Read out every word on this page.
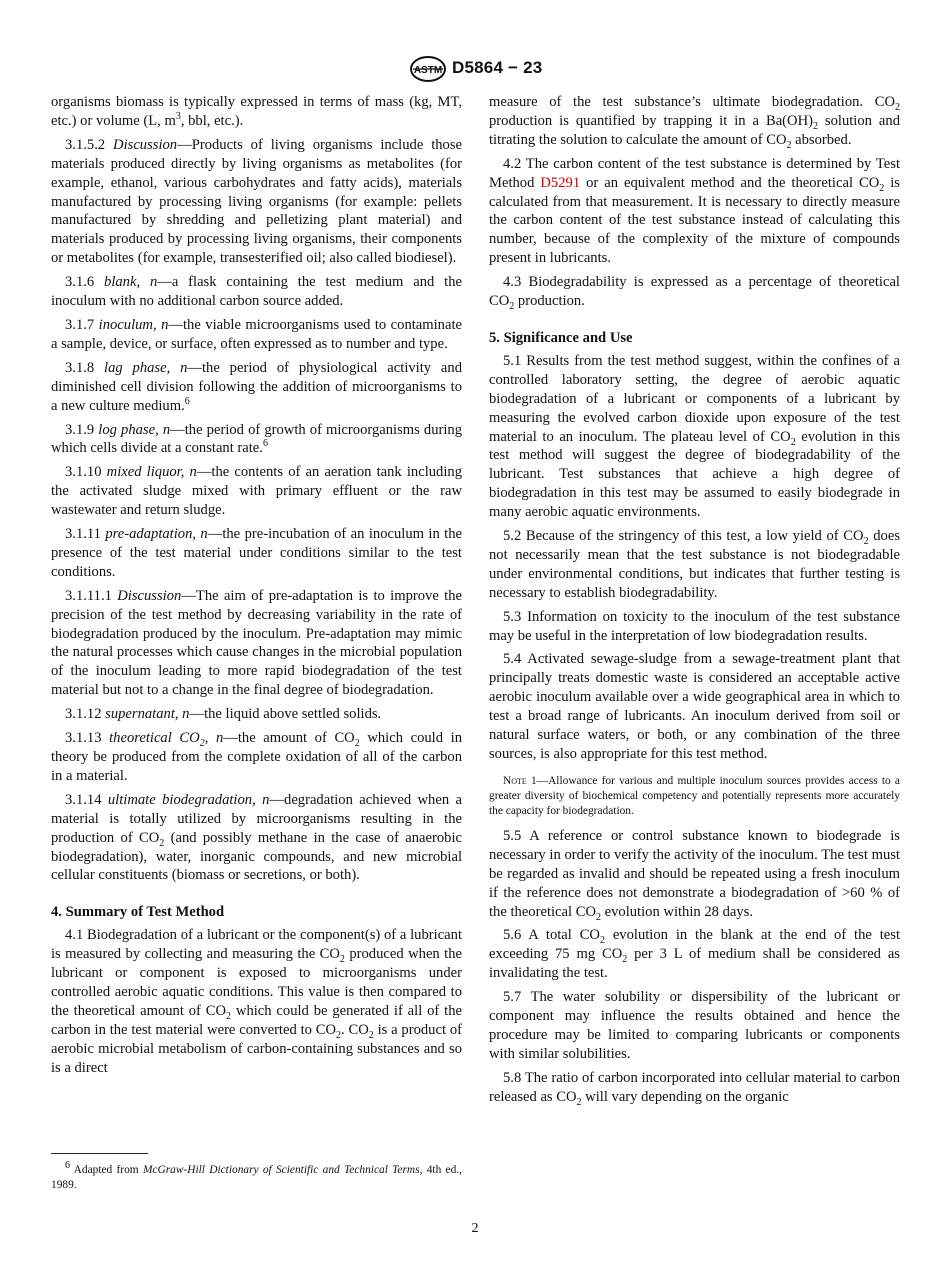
ASTM D5864 − 23

organisms biomass is typically expressed in terms of mass (kg, MT, etc.) or volume (L, $m^3$, bbl, etc.).

3.1.5.2 Discussion—Products of living organisms include those materials produced directly by living organisms as metabolites (for example, ethanol, various carbohydrates and fatty acids), materials manufactured by processing living organisms (for example: pellets manufactured by shredding and pelletizing plant material) and materials produced by processing living organisms, their components or metabolites (for example, transesterified oil; also called biodiesel).

3.1.6 blank, n—a flask containing the test medium and the inoculum with no additional carbon source added.

3.1.7 inoculum, n—the viable microorganisms used to contaminate a sample, device, or surface, often expressed as to number and type.

3.1.8 lag phase, n—the period of physiological activity and diminished cell division following the addition of microorganisms to a new culture medium.$^6$

3.1.9 log phase, n—the period of growth of microorganisms during which cells divide at a constant rate.$^6$

3.1.10 mixed liquor, n—the contents of an aeration tank including the activated sludge mixed with primary effluent or the raw wastewater and return sludge.

3.1.11 pre-adaptation, n—the pre-incubation of an inoculum in the presence of the test material under conditions similar to the test conditions.

3.1.11.1 Discussion—The aim of pre-adaptation is to improve the precision of the test method by decreasing variability in the rate of biodegradation produced by the inoculum. Pre-adaptation may mimic the natural processes which cause changes in the microbial population of the inoculum leading to more rapid biodegradation of the test material but not to a change in the final degree of biodegradation.

3.1.12 supernatant, n—the liquid above settled solids.

3.1.13 theoretical $CO_2$, n—the amount of $CO_2$ which could in theory be produced from the complete oxidation of all of the carbon in a material.

3.1.14 ultimate biodegradation, n—degradation achieved when a material is totally utilized by microorganisms resulting in the production of $CO_2$ (and possibly methane in the case of anaerobic biodegradation), water, inorganic compounds, and new microbial cellular constituents (biomass or secretions, or both).

4. Summary of Test Method

4.1 Biodegradation of a lubricant or the component(s) of a lubricant is measured by collecting and measuring the $CO_2$ produced when the lubricant or component is exposed to microorganisms under controlled aerobic aquatic conditions. This value is then compared to the theoretical amount of $CO_2$ which could be generated if all of the carbon in the test material were converted to $CO_2$. $CO_2$ is a product of aerobic microbial metabolism of carbon-containing substances and so is a direct

measure of the test substance’s ultimate biodegradation. $CO_2$ production is quantified by trapping it in a $Ba(OH)_2$ solution and titrating the solution to calculate the amount of $CO_2$ absorbed.

4.2 The carbon content of the test substance is determined by Test Method D5291 or an equivalent method and the theoretical $CO_2$ is calculated from that measurement. It is necessary to directly measure the carbon content of the test substance instead of calculating this number, because of the complexity of the mixture of compounds present in lubricants.

4.3 Biodegradability is expressed as a percentage of theoretical $CO_2$ production.

5. Significance and Use

5.1 Results from the test method suggest, within the confines of a controlled laboratory setting, the degree of aerobic aquatic biodegradation of a lubricant or components of a lubricant by measuring the evolved carbon dioxide upon exposure of the test material to an inoculum. The plateau level of $CO_2$ evolution in this test method will suggest the degree of biodegradability of the lubricant. Test substances that achieve a high degree of biodegradation in this test may be assumed to easily biodegrade in many aerobic aquatic environments.

5.2 Because of the stringency of this test, a low yield of $CO_2$ does not necessarily mean that the test substance is not biodegradable under environmental conditions, but indicates that further testing is necessary to establish biodegradability.

5.3 Information on toxicity to the inoculum of the test substance may be useful in the interpretation of low biodegradation results.

5.4 Activated sewage-sludge from a sewage-treatment plant that principally treats domestic waste is considered an acceptable active aerobic inoculum available over a wide geographical area in which to test a broad range of lubricants. An inoculum derived from soil or natural surface waters, or both, or any combination of the three sources, is also appropriate for this test method.

Note 1—Allowance for various and multiple inoculum sources provides access to a greater diversity of biochemical competency and potentially represents more accurately the capacity for biodegradation.

5.5 A reference or control substance known to biodegrade is necessary in order to verify the activity of the inoculum. The test must be regarded as invalid and should be repeated using a fresh inoculum if the reference does not demonstrate a biodegradation of >60 % of the theoretical $CO_2$ evolution within 28 days.

5.6 A total $CO_2$ evolution in the blank at the end of the test exceeding 75 mg $CO_2$ per 3 L of medium shall be considered as invalidating the test.

5.7 The water solubility or dispersibility of the lubricant or component may influence the results obtained and hence the procedure may be limited to comparing lubricants or components with similar solubilities.

5.8 The ratio of carbon incorporated into cellular material to carbon released as $CO_2$ will vary depending on the organic

$^6$ Adapted from McGraw-Hill Dictionary of Scientific and Technical Terms, 4th ed., 1989.
2
